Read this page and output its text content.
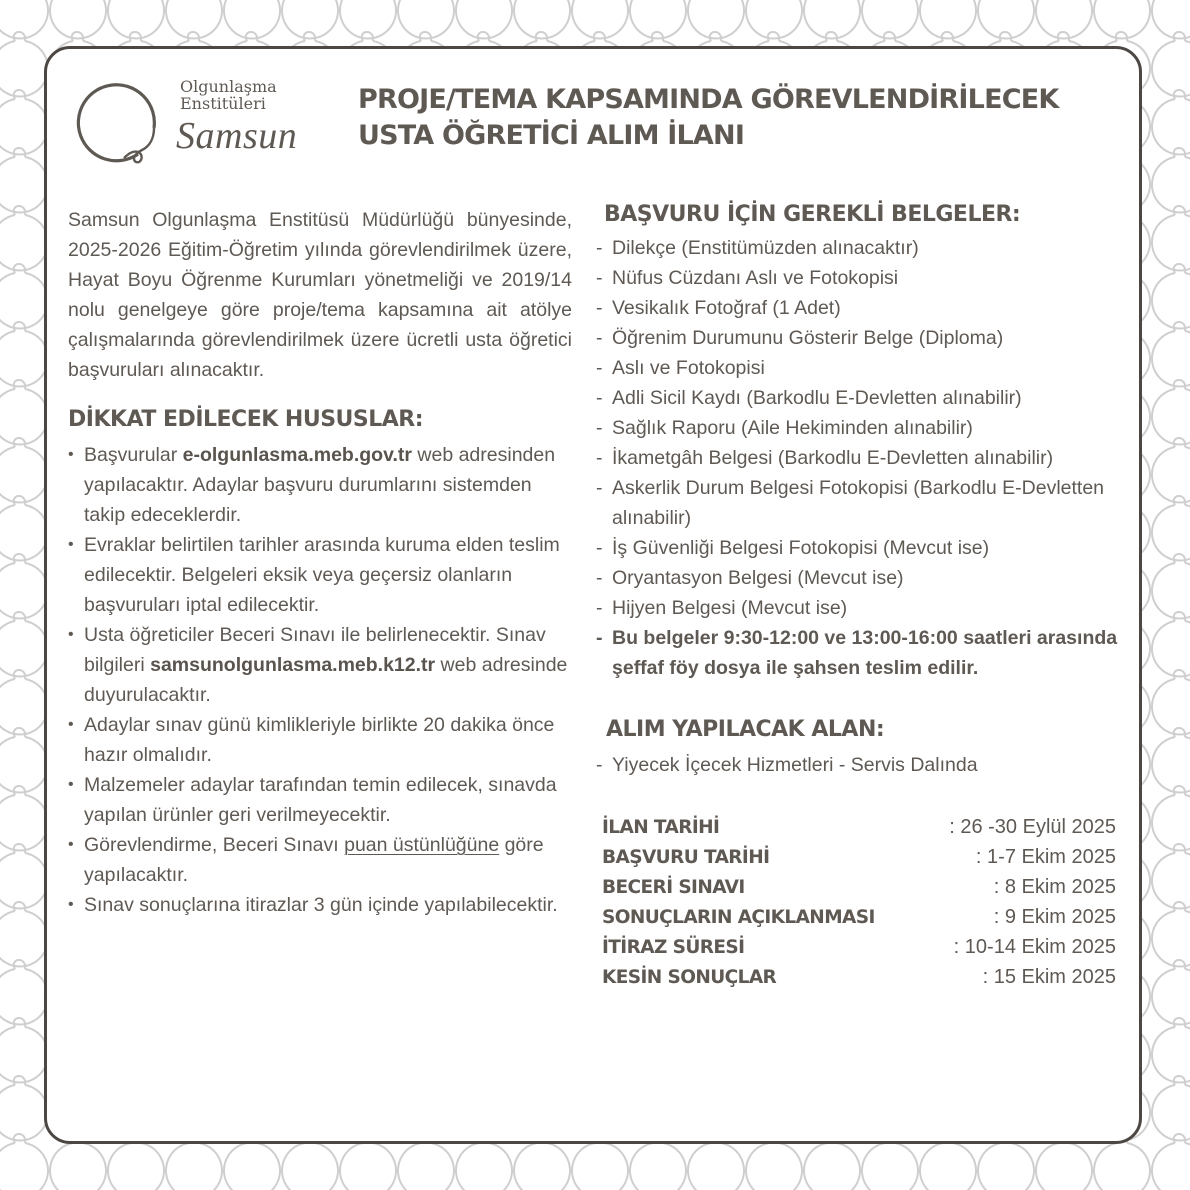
Olgunlaşma
Enstitüleri
Samsun
PROJE/TEMA KAPSAMINDA GÖREVLENDİRİLECEK
USTA ÖĞRETİCİ ALIM İLANI

Samsun Olgunlaşma Enstitüsü Müdürlüğü bünyesinde, 2025-2026 Eğitim-Öğretim yılında görevlendirilmek üzere, Hayat Boyu Öğrenme Kurumları yönetmeliği ve 2019/14 nolu genelgeye göre proje/tema kapsamına ait atölye çalışmalarında görevlendirilmek üzere ücretli usta öğretici başvuruları alınacaktır.

DİKKAT EDİLECEK HUSUSLAR:
• Başvurular e-olgunlasma.meb.gov.tr web adresinden yapılacaktır. Adaylar başvuru durumlarını sistemden takip edeceklerdir.
• Evraklar belirtilen tarihler arasında kuruma elden teslim edilecektir. Belgeleri eksik veya geçersiz olanların başvuruları iptal edilecektir.
• Usta öğreticiler Beceri Sınavı ile belirlenecektir. Sınav bilgileri samsunolgunlasma.meb.k12.tr web adresinde duyurulacaktır.
• Adaylar sınav günü kimlikleriyle birlikte 20 dakika önce hazır olmalıdır.
• Malzemeler adaylar tarafından temin edilecek, sınavda yapılan ürünler geri verilmeyecektir.
• Görevlendirme, Beceri Sınavı puan üstünlüğüne göre yapılacaktır.
• Sınav sonuçlarına itirazlar 3 gün içinde yapılabilecektir.
BAŞVURU İÇİN GEREKLİ BELGELER:
- Dilekçe (Enstitümüzden alınacaktır)
- Nüfus Cüzdanı Aslı ve Fotokopisi
- Vesikalık Fotoğraf (1 Adet)
- Öğrenim Durumunu Gösterir Belge (Diploma)
- Aslı ve Fotokopisi
- Adli Sicil Kaydı (Barkodlu E-Devletten alınabilir)
- Sağlık Raporu (Aile Hekiminden alınabilir)
- İkametgâh Belgesi (Barkodlu E-Devletten alınabilir)
- Askerlik Durum Belgesi Fotokopisi (Barkodlu E-Devletten alınabilir)
- İş Güvenliği Belgesi Fotokopisi (Mevcut ise)
- Oryantasyon Belgesi (Mevcut ise)
- Hijyen Belgesi (Mevcut ise)
- Bu belgeler 9:30-12:00 ve 13:00-16:00 saatleri arasında şeffaf föy dosya ile şahsen teslim edilir.
ALIM YAPILACAK ALAN:
- Yiyecek İçecek Hizmetleri - Servis Dalında
İLAN TARİHİ	: 26 -30 Eylül 2025
BAŞVURU TARİHİ	: 1-7 Ekim 2025
BECERİ SINAVI	: 8 Ekim 2025
SONUÇLARIN AÇIKLANMASI	: 9 Ekim 2025
İTİRAZ SÜRESİ	: 10-14 Ekim 2025
KESİN SONUÇLAR	: 15 Ekim 2025
